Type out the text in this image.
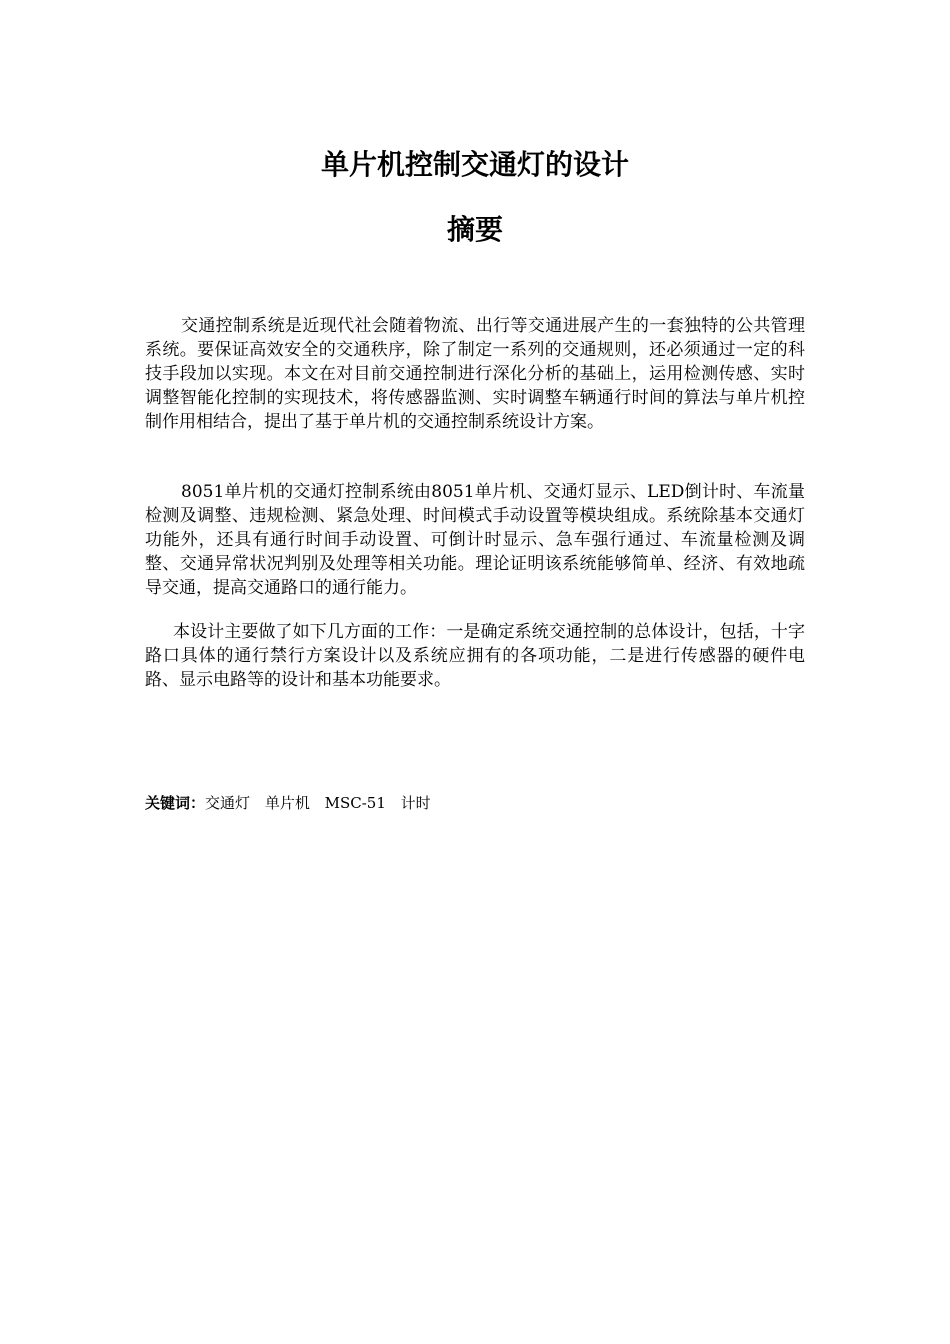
单片机控制交通灯的设计
摘要

交通控制系统是近现代社会随着物流、出行等交通进展产生的一套独特的公共管理系统。要保证高效安全的交通秩序，除了制定一系列的交通规则，还必须通过一定的科技手段加以实现。本文在对目前交通控制进行深化分析的基础上，运用检测传感、实时调整智能化控制的实现技术，将传感器监测、实时调整车辆通行时间的算法与单片机控制作用相结合，提出了基于单片机的交通控制系统设计方案。

8051单片机的交通灯控制系统由8051单片机、交通灯显示、LED倒计时、车流量检测及调整、违规检测、紧急处理、时间模式手动设置等模块组成。系统除基本交通灯功能外，还具有通行时间手动设置、可倒计时显示、急车强行通过、车流量检测及调整、交通异常状况判别及处理等相关功能。理论证明该系统能够简单、经济、有效地疏导交通，提高交通路口的通行能力。

本设计主要做了如下几方面的工作：一是确定系统交通控制的总体设计，包括，十字路口具体的通行禁行方案设计以及系统应拥有的各项功能，二是进行传感器的硬件电路、显示电路等的设计和基本功能要求。

关键词：交通灯 单片机 MSC-51 计时
